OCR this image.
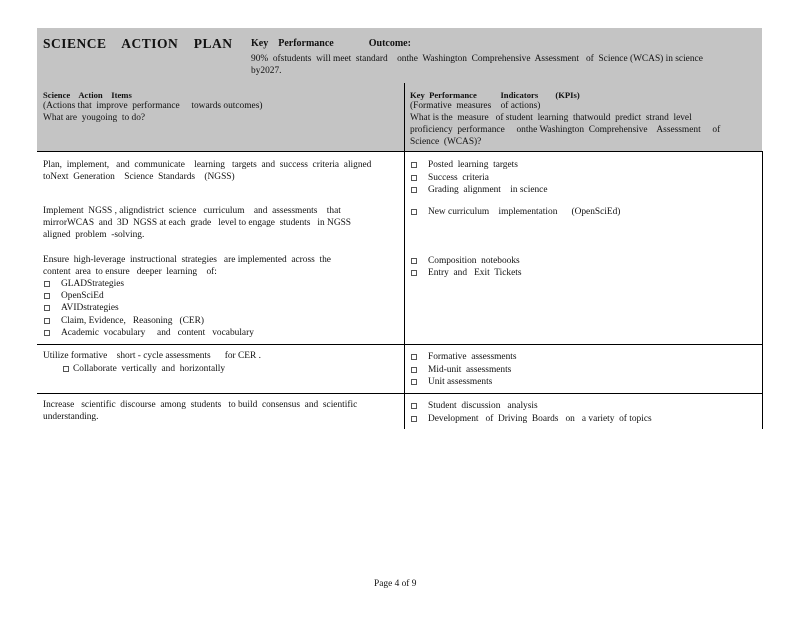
SCIENCE    ACTION    PLAN Key    Performance              Outcome:
90%  ofstudents  will meet  standard    onthe  Washington  Comprehensive  Assessment   of  Science (WCAS) in science
by2027.
Science    Action    Items
(Actions that  improve  performance     towards outcomes)
What are  yougoing  to do?
Key  Performance           Indicators        (KPIs)
(Formative  measures    of actions)
What is the  measure   of student  learning  thatwould  predict  strand  level
proficiency  performance     onthe Washington  Comprehensive    Assessment     of
Science  (WCAS)?
Plan,  implement,   and  communicate    learning   targets  and  success  criteria  aligned
toNext  Generation    Science  Standards    (NGSS)
Posted  learning  targets
Success  criteria
Grading  alignment    in science
Implement  NGSS , aligndistrict  science   curriculum    and  assessments    that
mirrorWCAS  and  3D  NGSS at each  grade   level to engage  students   in NGSS
aligned  problem  -solving.
New curriculum    implementation      (OpenSciEd)
Ensure  high-leverage  instructional  strategies   are implemented  across  the
content  area  to ensure   deeper  learning    of:
GLADStrategies
OpenSciEd
AVIDstrategies
Claim, Evidence,   Reasoning   (CER)
Academic  vocabulary     and   content   vocabulary
Composition  notebooks
Entry  and   Exit  Tickets
Utilize formative    short - cycle assessments      for CER .
Collaborate  vertically  and  horizontally
Formative  assessments
Mid-unit  assessments
Unit assessments
Increase   scientific  discourse  among  students   to build  consensus  and  scientific
understanding.
Student  discussion   analysis
Development   of  Driving  Boards   on   a variety  of topics
Page 4 of 9
